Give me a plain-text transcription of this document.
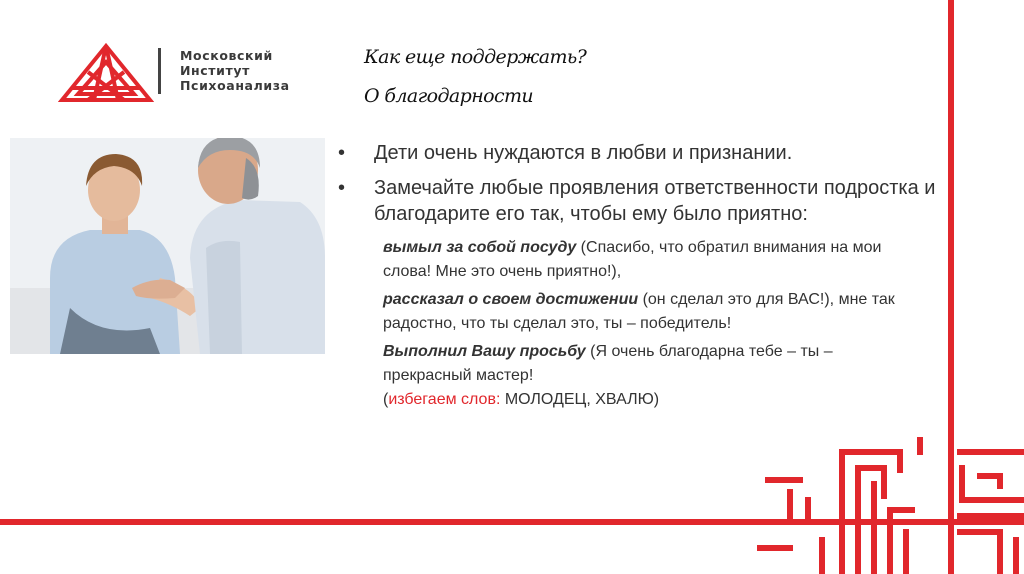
Московский
Институт
Психоанализа
Как еще поддержать?
О благодарности
• Дети очень нуждаются в любви и признании.
• Замечайте любые проявления ответственности подростка и благодарите его так, чтобы ему было приятно:
вымыл за собой посуду (Спасибо, что обратил внимания на мои слова! Мне это очень приятно!),
рассказал о своем достижении (он сделал это для ВАС!), мне так радостно, что ты сделал это, ты – победитель!
Выполнил Вашу просьбу (Я очень благодарна тебе – ты – прекрасный мастер!
(избегаем слов: МОЛОДЕЦ, ХВАЛЮ)
